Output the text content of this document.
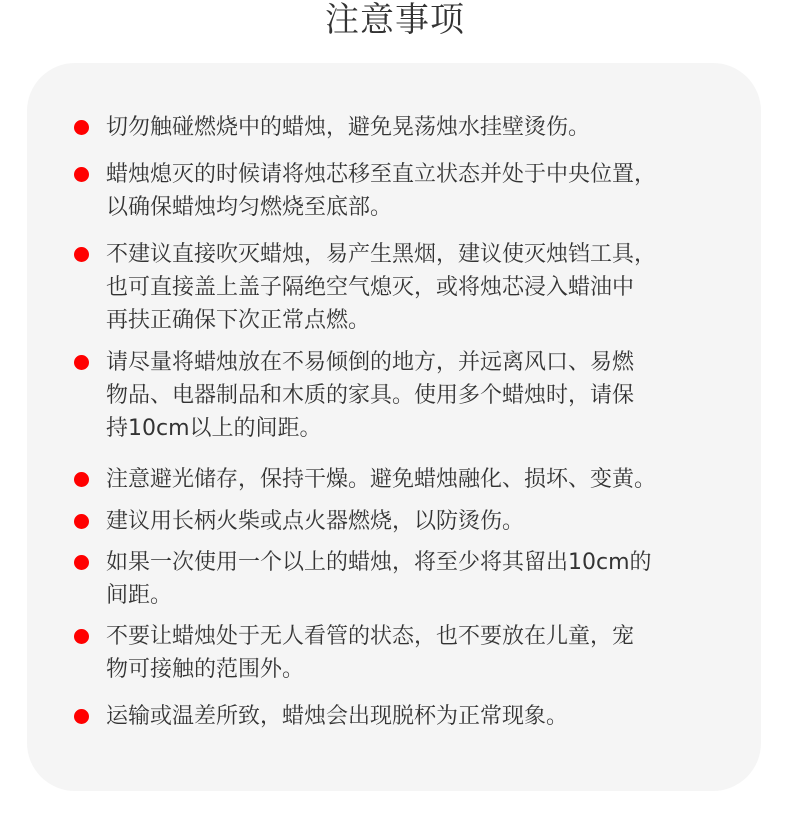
注意事项
切勿触碰燃烧中的蜡烛，避免晃荡烛水挂壁烫伤。
蜡烛熄灭的时候请将烛芯移至直立状态并处于中央位置，
以确保蜡烛均匀燃烧至底部。
不建议直接吹灭蜡烛，易产生黑烟，建议使灭烛铛工具，
也可直接盖上盖子隔绝空气熄灭，或将烛芯浸入蜡油中
再扶正确保下次正常点燃。
请尽量将蜡烛放在不易倾倒的地方，并远离风口、易燃
物品、电器制品和木质的家具。使用多个蜡烛时，请保
持10cm以上的间距。
注意避光储存，保持干燥。避免蜡烛融化、损坏、变黄。
建议用长柄火柴或点火器燃烧，以防烫伤。
如果一次使用一个以上的蜡烛，将至少将其留出10cm的
间距。
不要让蜡烛处于无人看管的状态，也不要放在儿童，宠
物可接触的范围外。
运输或温差所致，蜡烛会出现脱杯为正常现象。
